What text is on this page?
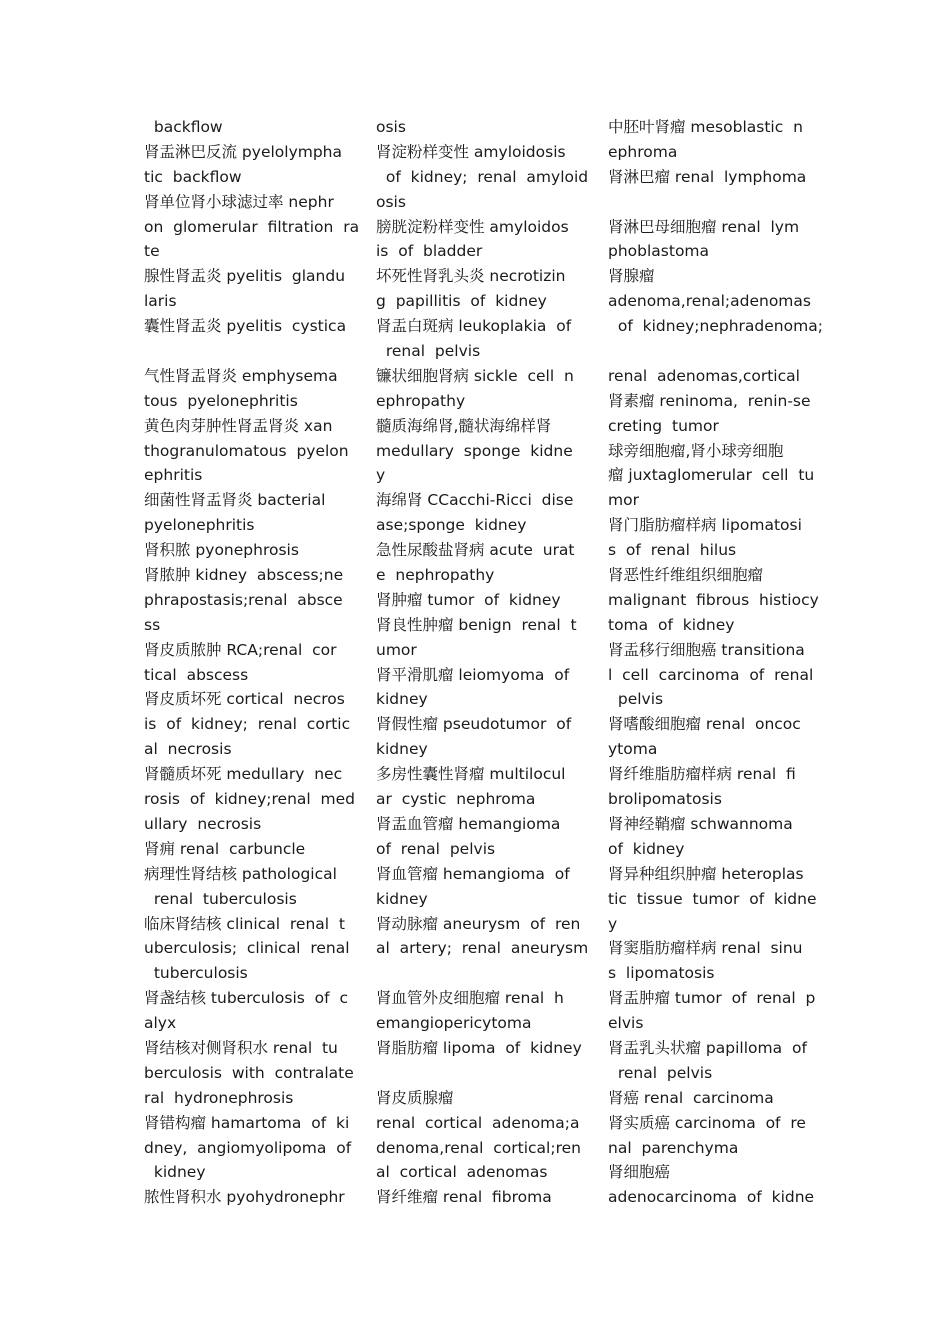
backflow
肾盂淋巴反流 pyelolympha
tic  backflow
肾单位肾小球滤过率 nephr
on  glomerular  filtration  ra
te
腺性肾盂炎 pyelitis  glandu
laris
囊性肾盂炎 pyelitis  cystica
气性肾盂肾炎 emphysema
tous  pyelonephritis
黄色肉芽肿性肾盂肾炎 xan
thogranulomatous  pyelon
ephritis
细菌性肾盂肾炎 bacterial
pyelonephritis
肾积脓 pyonephrosis
肾脓肿 kidney  abscess;ne
phrapostasis;renal  absce
ss
肾皮质脓肿 RCA;renal  cor
tical  abscess
肾皮质坏死 cortical  necros
is  of  kidney;  renal  cortic
al  necrosis
肾髓质坏死 medullary  nec
rosis  of  kidney;renal  med
ullary  necrosis
肾痈 renal  carbuncle
病理性肾结核 pathological
renal  tuberculosis
临床肾结核 clinical  renal  t
uberculosis;  clinical  renal
tuberculosis
肾盏结核 tuberculosis  of  c
alyx
肾结核对侧肾积水 renal  tu
berculosis  with  contralate
ral  hydronephrosis
肾错构瘤 hamartoma  of  ki
dney,  angiomyolipoma  of
kidney
脓性肾积水 pyohydronephr
osis
肾淀粉样变性 amyloidosis
of  kidney;  renal  amyloid
osis
膀胱淀粉样变性 amyloidos
is  of  bladder
坏死性肾乳头炎 necrotizin
g  papillitis  of  kidney
肾盂白斑病 leukoplakia  of
renal  pelvis
镰状细胞肾病 sickle  cell  n
ephropathy
髓质海绵肾,髓状海绵样肾
medullary  sponge  kidne
y
海绵肾 CCacchi-Ricci  dise
ase;sponge  kidney
急性尿酸盐肾病 acute  urat
e  nephropathy
肾肿瘤 tumor  of  kidney
肾良性肿瘤 benign  renal  t
umor
肾平滑肌瘤 leiomyoma  of
kidney
肾假性瘤 pseudotumor  of
kidney
多房性囊性肾瘤 multilocul
ar  cystic  nephroma
肾盂血管瘤 hemangioma
of  renal  pelvis
肾血管瘤 hemangioma  of
kidney
肾动脉瘤 aneurysm  of  ren
al  artery;  renal  aneurysm
肾血管外皮细胞瘤 renal  h
emangiopericytoma
肾脂肪瘤 lipoma  of  kidney
肾皮质腺瘤
renal  cortical  adenoma;a
denoma,renal  cortical;ren
al  cortical  adenomas
肾纤维瘤 renal  fibroma
中胚叶肾瘤 mesoblastic  n
ephroma
肾淋巴瘤 renal  lymphoma
肾淋巴母细胞瘤 renal  lym
phoblastoma
肾腺瘤
adenoma,renal;adenomas
of  kidney;nephradenoma;
renal  adenomas,cortical
肾素瘤 reninoma,  renin-se
creting  tumor
球旁细胞瘤,肾小球旁细胞
瘤 juxtaglomerular  cell  tu
mor
肾门脂肪瘤样病 lipomatosi
s  of  renal  hilus
肾恶性纤维组织细胞瘤
malignant  fibrous  histiocy
toma  of  kidney
肾盂移行细胞癌 transitiona
l  cell  carcinoma  of  renal
pelvis
肾嗜酸细胞瘤 renal  oncoc
ytoma
肾纤维脂肪瘤样病 renal  fi
brolipomatosis
肾神经鞘瘤 schwannoma
of  kidney
肾异种组织肿瘤 heteroplas
tic  tissue  tumor  of  kidne
y
肾窦脂肪瘤样病 renal  sinu
s  lipomatosis
肾盂肿瘤 tumor  of  renal  p
elvis
肾盂乳头状瘤 papilloma  of
renal  pelvis
肾癌 renal  carcinoma
肾实质癌 carcinoma  of  re
nal  parenchyma
肾细胞癌
adenocarcinoma  of  kidne
